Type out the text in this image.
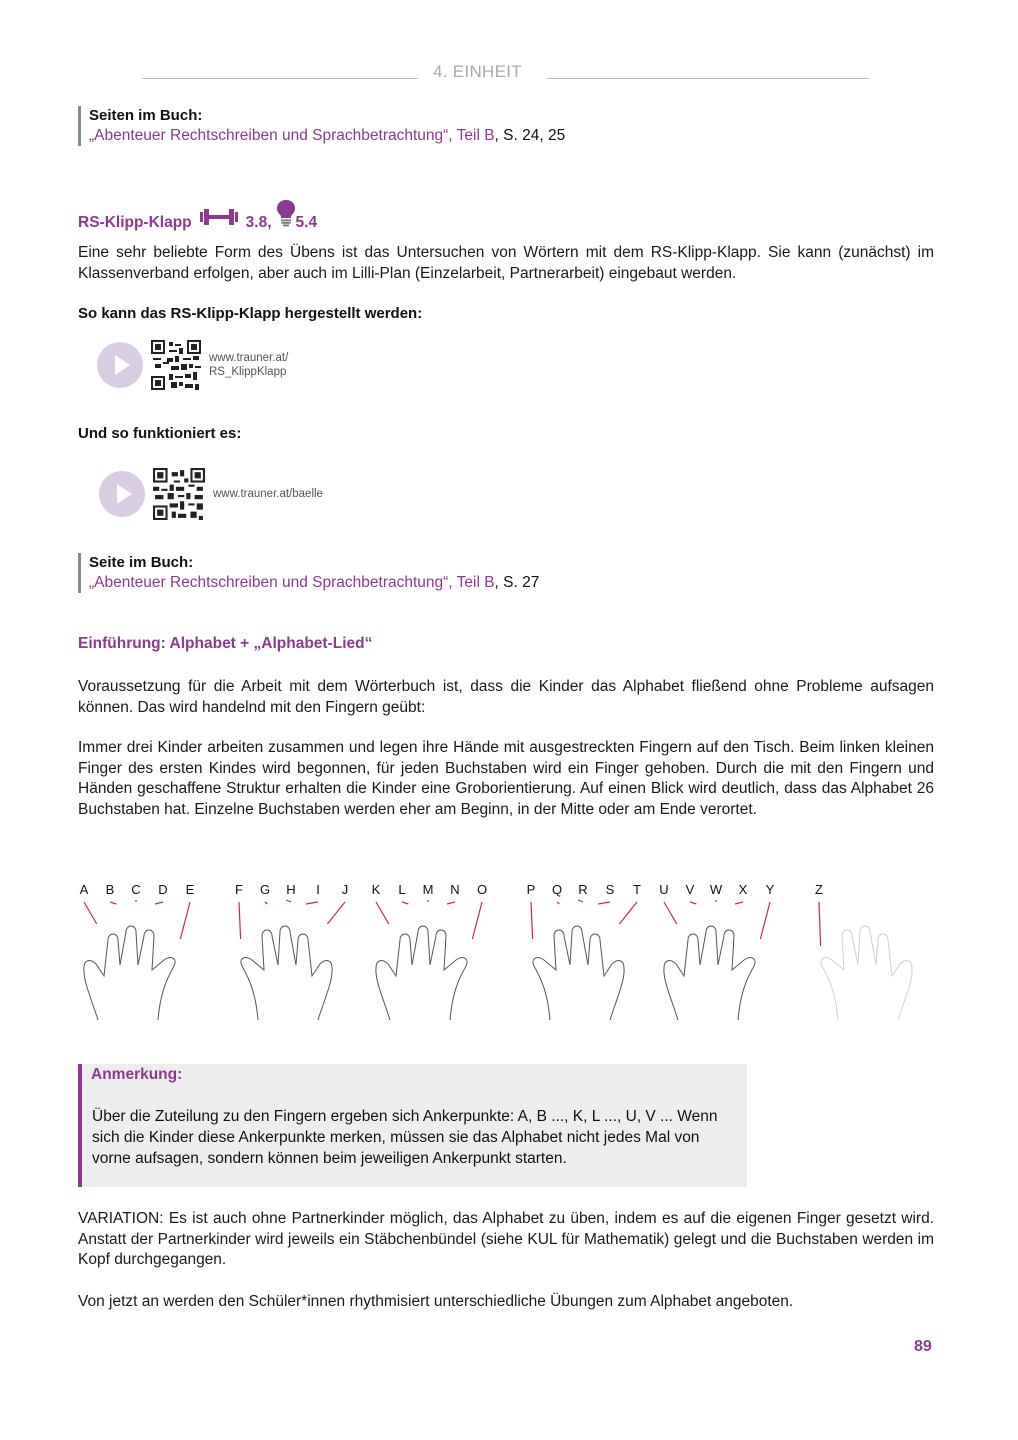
4. EINHEIT
Seiten im Buch:
„Abenteuer Rechtschreiben und Sprachbetrachtung“, Teil B, S. 24, 25
RS-Klipp-Klapp	3.8, 5.4
Eine sehr beliebte Form des Übens ist das Untersuchen von Wörtern mit dem RS-Klipp-Klapp. Sie kann (zunächst) im Klassenverband erfolgen, aber auch im Lilli-Plan (Einzelarbeit, Partnerarbeit) eingebaut werden.
So kann das RS-Klipp-Klapp hergestellt werden:
www.trauner.at/
RS_KlippKlapp
Und so funktioniert es:
www.trauner.at/baelle
Seite im Buch:
„Abenteuer Rechtschreiben und Sprachbetrachtung“, Teil B, S. 27
Einführung: Alphabet + „Alphabet-Lied“
Voraussetzung für die Arbeit mit dem Wörterbuch ist, dass die Kinder das Alphabet fließend ohne Probleme aufsagen können. Das wird handelnd mit den Fingern geübt:
Immer drei Kinder arbeiten zusammen und legen ihre Hände mit ausgestreckten Fingern auf den Tisch. Beim linken kleinen Finger des ersten Kindes wird begonnen, für jeden Buchstaben wird ein Finger gehoben. Durch die mit den Fingern und Händen geschaffene Struktur erhalten die Kinder eine Groborientierung. Auf einen Blick wird deutlich, dass das Alphabet 26 Buchstaben hat. Einzelne Buchstaben werden eher am Beginn, in der Mitte oder am Ende verortet.
A B C D E	F G H I J K L M N O	P Q R S T U V W X Y	Z
Anmerkung:
Über die Zuteilung zu den Fingern ergeben sich Ankerpunkte: A, B ..., K, L ..., U, V ... Wenn sich die Kinder diese Ankerpunkte merken, müssen sie das Alphabet nicht jedes Mal von vorne aufsagen, sondern können beim jeweiligen Ankerpunkt starten.
VARIATION: Es ist auch ohne Partnerkinder möglich, das Alphabet zu üben, indem es auf die eigenen Finger gesetzt wird. Anstatt der Partnerkinder wird jeweils ein Stäbchenbündel (siehe KUL für Mathematik) gelegt und die Buchstaben werden im Kopf durchgegangen.
Von jetzt an werden den Schüler*innen rhythmisiert unterschiedliche Übungen zum Alphabet angeboten.
89
